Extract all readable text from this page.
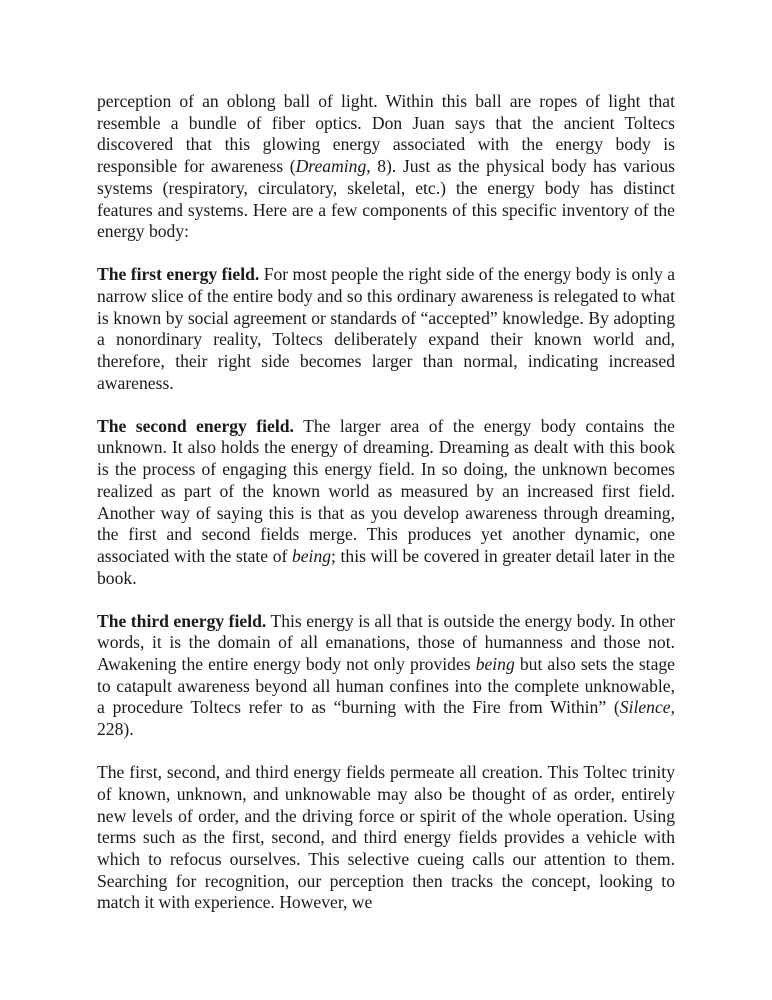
perception of an oblong ball of light. Within this ball are ropes of light that resemble a bundle of fiber optics. Don Juan says that the ancient Toltecs discovered that this glowing energy associated with the energy body is responsible for awareness (Dreaming, 8). Just as the physical body has various systems (respiratory, circulatory, skeletal, etc.) the energy body has distinct features and systems. Here are a few components of this specific inventory of the energy body:

The first energy field. For most people the right side of the energy body is only a narrow slice of the entire body and so this ordinary awareness is relegated to what is known by social agreement or standards of “accepted” knowledge. By adopting a nonordinary reality, Toltecs deliberately expand their known world and, therefore, their right side becomes larger than normal, indicating increased awareness.

The second energy field. The larger area of the energy body contains the unknown. It also holds the energy of dreaming. Dreaming as dealt with this book is the process of engaging this energy field. In so doing, the unknown becomes realized as part of the known world as measured by an increased first field. Another way of saying this is that as you develop awareness through dreaming, the first and second fields merge. This produces yet another dynamic, one associated with the state of being; this will be covered in greater detail later in the book.

The third energy field. This energy is all that is outside the energy body. In other words, it is the domain of all emanations, those of humanness and those not. Awakening the entire energy body not only provides being but also sets the stage to catapult awareness beyond all human confines into the complete unknowable, a procedure Toltecs refer to as “burning with the Fire from Within” (Silence, 228).

The first, second, and third energy fields permeate all creation. This Toltec trinity of known, unknown, and unknowable may also be thought of as order, entirely new levels of order, and the driving force or spirit of the whole operation. Using terms such as the first, second, and third energy fields provides a vehicle with which to refocus ourselves. This selective cueing calls our attention to them. Searching for recognition, our perception then tracks the concept, looking to match it with experience. However, we
